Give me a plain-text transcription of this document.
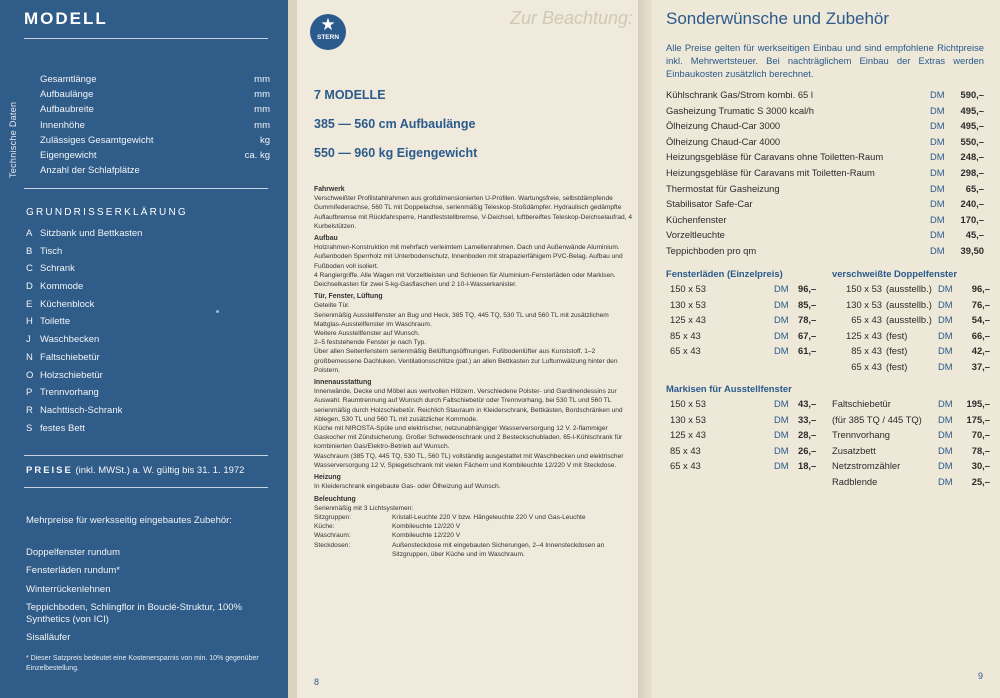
MODELL
Technische Daten
Gesamtlänge	mm
Aufbaulänge	mm
Aufbaubreite	mm
Innenhöhe	mm
Zulässiges Gesamtgewicht	kg
Eigengewicht	ca. kg
Anzahl der Schlafplätze
GRUNDRISSERKLÄRUNG
A Sitzbank und Bettkasten
B Tisch
C Schrank
D Kommode
E Küchenblock
H Toilette
J Waschbecken
N Faltschiebetür
O Holzschiebetür
P Trennvorhang
R Nachttisch-Schrank
S festes Bett
PREISE (inkl. MWSt.) a. W. gültig bis 31. 1. 1972
Mehrpreise für werksseitig eingebautes Zubehör:
Doppelfenster rundum
Fensterläden rundum*
Winterrückenlehnen
Teppichboden, Schlingflor in Bouclé-Struktur, 100% Synthetics (von ICI)
Sisalläufer
* Dieser Satzpreis bedeutet eine Kostenersparnis von min. 10% gegenüber Einzelbestellung.
★
STERN
Zur Beachtung:
7 MODELLE
385 — 560 cm Aufbaulänge
550 — 960 kg Eigengewicht
Fahrwerk

Verschweißter Profilstahlrahmen aus großdimensionierten U-Profilen. Wartungsfreie, selbstdämpfende Gummifederachse, 560 TL mit Doppelachse, serienmäßig Teleskop-Stoßdämpfer. Hydraulisch gedämpfte Auflaufbremse mit Rückfahrsperre, Handfeststellbremse, V-Deichsel, luftbereiftes Teleskop-Deichselaufrad, 4 Kurbelstützen.

Aufbau

Holzrahmen-Konstruktion mit mehrfach verleimtem Lamellenrahmen. Dach und Außenwände Aluminium. Außenboden Sperrholz mit Unterbodenschutz, Innenboden mit strapazierfähigem PVC-Belag. Aufbau und Fußboden voll isoliert.

4 Rangiergriffe. Alle Wagen mit Vorzeltleisten und Schienen für Aluminium-Fensterläden oder Markisen. Deichselkasten für zwei 5-kg-Gasflaschen und 2 10-l-Wasserkanister.

Tür, Fenster, Lüftung

Geteilte Tür.

Serienmäßig Ausstellfenster an Bug und Heck, 385 TQ, 445 TQ, 530 TL und 560 TL mit zusätzlichem Mattglas-Ausstellfenster im Waschraum.

Weitere Ausstellfenster auf Wunsch.

2–5 feststehende Fenster je nach Typ.

Über allen Seitenfenstern serienmäßig Belüftungsöffnungen. Fußbodenlüfter aus Kunststoff, 1–2 großbemessene Dachluken. Ventilationsschlitze (pat.) an allen Bettkasten zur Luftumwälzung hinter den Polstern.

Innenausstattung

Innenwände, Decke und Möbel aus wertvollen Hölzern. Verschiedene Polster- und Gardinendessins zur Auswahl. Raumtrennung auf Wunsch durch Faltschiebetür oder Trennvorhang, bei 530 TL und 560 TL serienmäßig durch Holzschiebetür. Reichlich Stauraum in Kleiderschrank, Bettkästen, Bordschränken und Ablegen, 530 TL und 560 TL mit zusätzlicher Kommode.

Küche mit NIROSTA-Spüle und elektrischer, netzunabhängiger Wasserversorgung 12 V. 2-flammiger Gaskocher mit Zündsicherung. Großer Schwedenschrank und 2 Besteckschubladen. 65-l-Kühlschrank für kombinierten Gas/Elektro-Betrieb auf Wunsch.

Waschraum (385 TQ, 445 TQ, 530 TL, 560 TL) vollständig ausgestattet mit Waschbecken und elektrischer Wasserversorgung 12 V, Spiegelschrank mit vielen Fächern und Kombileuchte 12/220 V mit Steckdose.

Heizung

In Kleiderschrank eingebaute Gas- oder Ölheizung auf Wunsch.

Beleuchtung

Serienmäßig mit 3 Lichtsystemen:

Sitzgruppen:	Kristall-Leuchte 220 V bzw. Hängeleuchte 220 V und Gas-Leuchte
Küche:	Kombileuchte 12/220 V
Waschraum:	Kombileuchte 12/220 V
Steckdosen:	Außensteckdose mit eingebauten Sicherungen, 2–4 Innensteckdosen an Sitzgruppen, über Küche und im Waschraum.
8
Sonderwünsche und Zubehör
Alle Preise gelten für werkseitigen Einbau und sind empfohlene Richtpreise inkl. Mehrwertsteuer. Bei nachträglichem Einbau der Extras werden Einbaukosten zusätzlich berechnet.
Kühlschrank Gas/Strom kombi. 65 l	DM	590,–
Gasheizung Trumatic S 3000 kcal/h	DM	495,–
Ölheizung Chaud-Car 3000	DM	495,–
Ölheizung Chaud-Car 4000	DM	550,–
Heizungsgebläse für Caravans ohne Toiletten-Raum	DM	248,–
Heizungsgebläse für Caravans mit Toiletten-Raum	DM	298,–
Thermostat für Gasheizung	DM	65,–
Stabilisator Safe-Car	DM	240,–
Küchenfenster	DM	170,–
Vorzeltleuchte	DM	45,–
Teppichboden pro qm	DM	39,50
Fensterläden (Einzelpreis)
150 x 53	DM	96,–
130 x 53	DM	85,–
125 x 43	DM	78,–
85 x 43	DM	67,–
65 x 43	DM	61,–
verschweißte Doppelfenster
150 x 53 (ausstellb.) DM	96,–
130 x 53 (ausstellb.) DM	76,–
65 x 43 (ausstellb.) DM	54,–
125 x 43 (fest)	DM	66,–
85 x 43 (fest)	DM	42,–
65 x 43 (fest)	DM	37,–
Markisen für Ausstellfenster
150 x 53	DM	43,–
130 x 53	DM	33,–
125 x 43	DM	28,–
85 x 43	DM	26,–
65 x 43	DM	18,–
Faltschiebetür	DM	195,–
(für 385 TQ / 445 TQ)	DM	175,–
Trennvorhang	DM	70,–
Zusatzbett	DM	78,–
Netzstromzähler	DM	30,–
Radblende	DM	25,–
9
